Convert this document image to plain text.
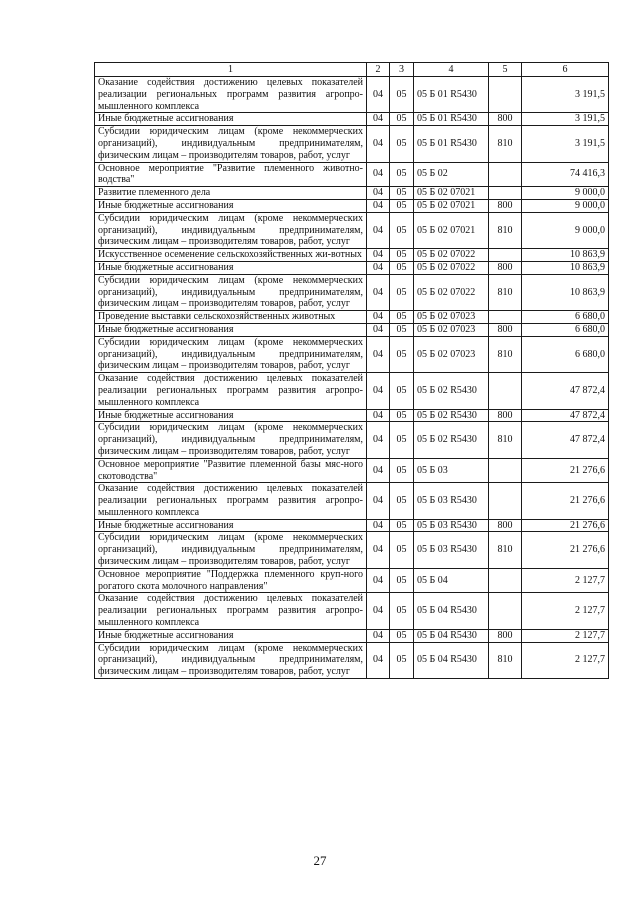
1	2	3	4	5	6
Оказание содействия достижению целевых показателей реализации региональных программ развития агропро-мышленного комплекса	04	05	05 Б 01 R5430		3 191,5
Иные бюджетные ассигнования	04	05	05 Б 01 R5430	800	3 191,5
Субсидии юридическим лицам (кроме некоммерческих организаций), индивидуальным предпринимателям, физическим лицам – производителям товаров, работ, услуг	04	05	05 Б 01 R5430	810	3 191,5
Основное мероприятие "Развитие племенного животно-водства"	04	05	05 Б 02		74 416,3
Развитие племенного дела	04	05	05 Б 02 07021		9 000,0
Иные бюджетные ассигнования	04	05	05 Б 02 07021	800	9 000,0
Субсидии юридическим лицам (кроме некоммерческих организаций), индивидуальным предпринимателям, физическим лицам – производителям товаров, работ, услуг	04	05	05 Б 02 07021	810	9 000,0
Искусственное осеменение сельскохозяйственных жи-вотных	04	05	05 Б 02 07022		10 863,9
Иные бюджетные ассигнования	04	05	05 Б 02 07022	800	10 863,9
Субсидии юридическим лицам (кроме некоммерческих организаций), индивидуальным предпринимателям, физическим лицам – производителям товаров, работ, услуг	04	05	05 Б 02 07022	810	10 863,9
Проведение выставки сельскохозяйственных животных	04	05	05 Б 02 07023		6 680,0
Иные бюджетные ассигнования	04	05	05 Б 02 07023	800	6 680,0
Субсидии юридическим лицам (кроме некоммерческих организаций), индивидуальным предпринимателям, физическим лицам – производителям товаров, работ, услуг	04	05	05 Б 02 07023	810	6 680,0
Оказание содействия достижению целевых показателей реализации региональных программ развития агропро-мышленного комплекса	04	05	05 Б 02 R5430		47 872,4
Иные бюджетные ассигнования	04	05	05 Б 02 R5430	800	47 872,4
Субсидии юридическим лицам (кроме некоммерческих организаций), индивидуальным предпринимателям, физическим лицам – производителям товаров, работ, услуг	04	05	05 Б 02 R5430	810	47 872,4
Основное мероприятие "Развитие племенной базы мяс-ного скотоводства"	04	05	05 Б 03		21 276,6
Оказание содействия достижению целевых показателей реализации региональных программ развития агропро-мышленного комплекса	04	05	05 Б 03 R5430		21 276,6
Иные бюджетные ассигнования	04	05	05 Б 03 R5430	800	21 276,6
Субсидии юридическим лицам (кроме некоммерческих организаций), индивидуальным предпринимателям, физическим лицам – производителям товаров, работ, услуг	04	05	05 Б 03 R5430	810	21 276,6
Основное мероприятие "Поддержка племенного круп-ного рогатого скота молочного направления"	04	05	05 Б 04		2 127,7
Оказание содействия достижению целевых показателей реализации региональных программ развития агропро-мышленного комплекса	04	05	05 Б 04 R5430		2 127,7
Иные бюджетные ассигнования	04	05	05 Б 04 R5430	800	2 127,7
Субсидии юридическим лицам (кроме некоммерческих организаций), индивидуальным предпринимателям, физическим лицам – производителям товаров, работ, услуг	04	05	05 Б 04 R5430	810	2 127,7
27
